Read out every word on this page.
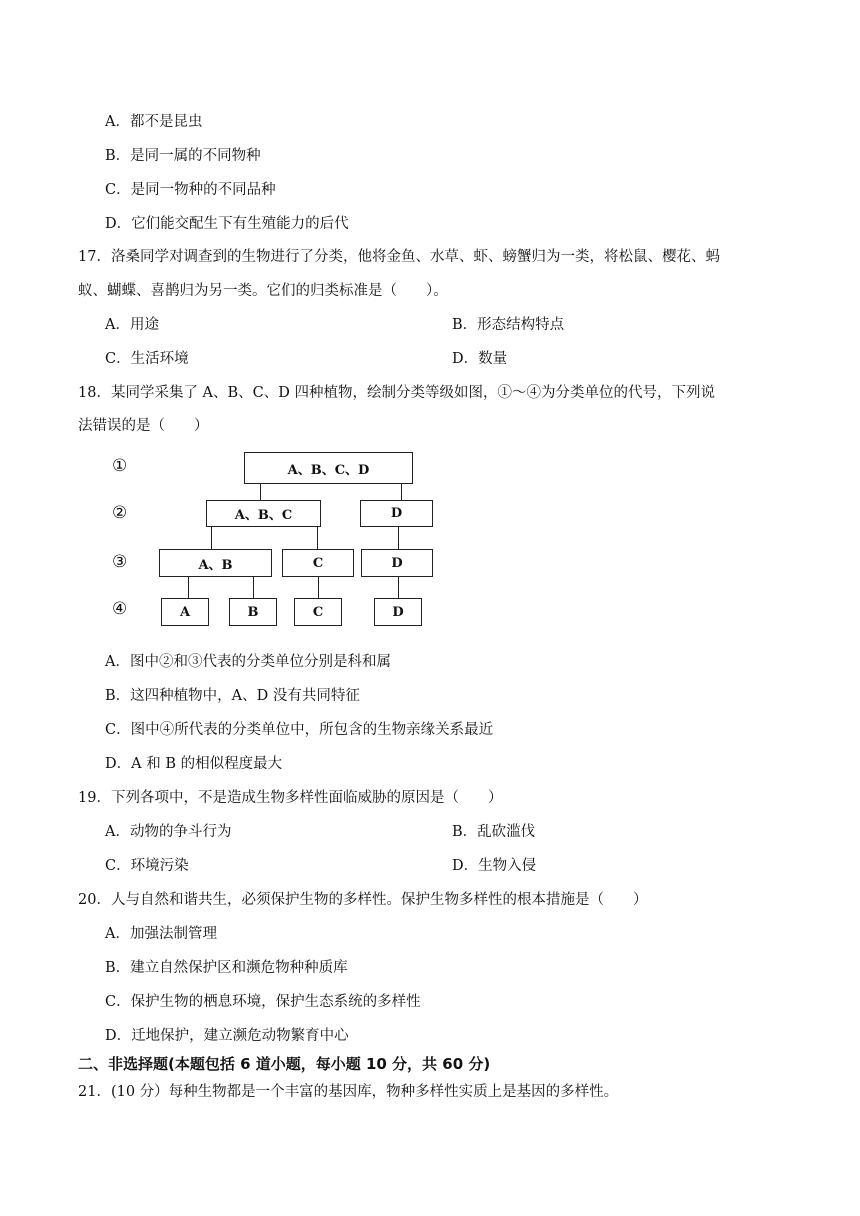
A．都不是昆虫
B．是同一属的不同物种
C．是同一物种的不同品种
D．它们能交配生下有生殖能力的后代
17．洛桑同学对调查到的生物进行了分类，他将金鱼、水草、虾、螃蟹归为一类，将松鼠、樱花、蚂
蚁、蝴蝶、喜鹊归为另一类。它们的归类标准是（　　）。
A．用途	B．形态结构特点
C．生活环境	D．数量
18．某同学采集了 A、B、C、D 四种植物，绘制分类等级如图，①～④为分类单位的代号，下列说
法错误的是（　　）
①
②
③
④
A、B、C、D
A、B、C	D
A、B	C	D
A	B	C	D
A．图中②和③代表的分类单位分别是科和属
B．这四种植物中，A、D 没有共同特征
C．图中④所代表的分类单位中，所包含的生物亲缘关系最近
D．A 和 B 的相似程度最大
19．下列各项中，不是造成生物多样性面临威胁的原因是（　　）
A．动物的争斗行为	B．乱砍滥伐
C．环境污染	D．生物入侵
20．人与自然和谐共生，必须保护生物的多样性。保护生物多样性的根本措施是（　　）
A．加强法制管理
B．建立自然保护区和濒危物种种质库
C．保护生物的栖息环境，保护生态系统的多样性
D．迁地保护，建立濒危动物繁育中心
二、非选择题(本题包括 6 道小题，每小题 10 分，共 60 分)
21．(10 分）每种生物都是一个丰富的基因库，物种多样性实质上是基因的多样性。
